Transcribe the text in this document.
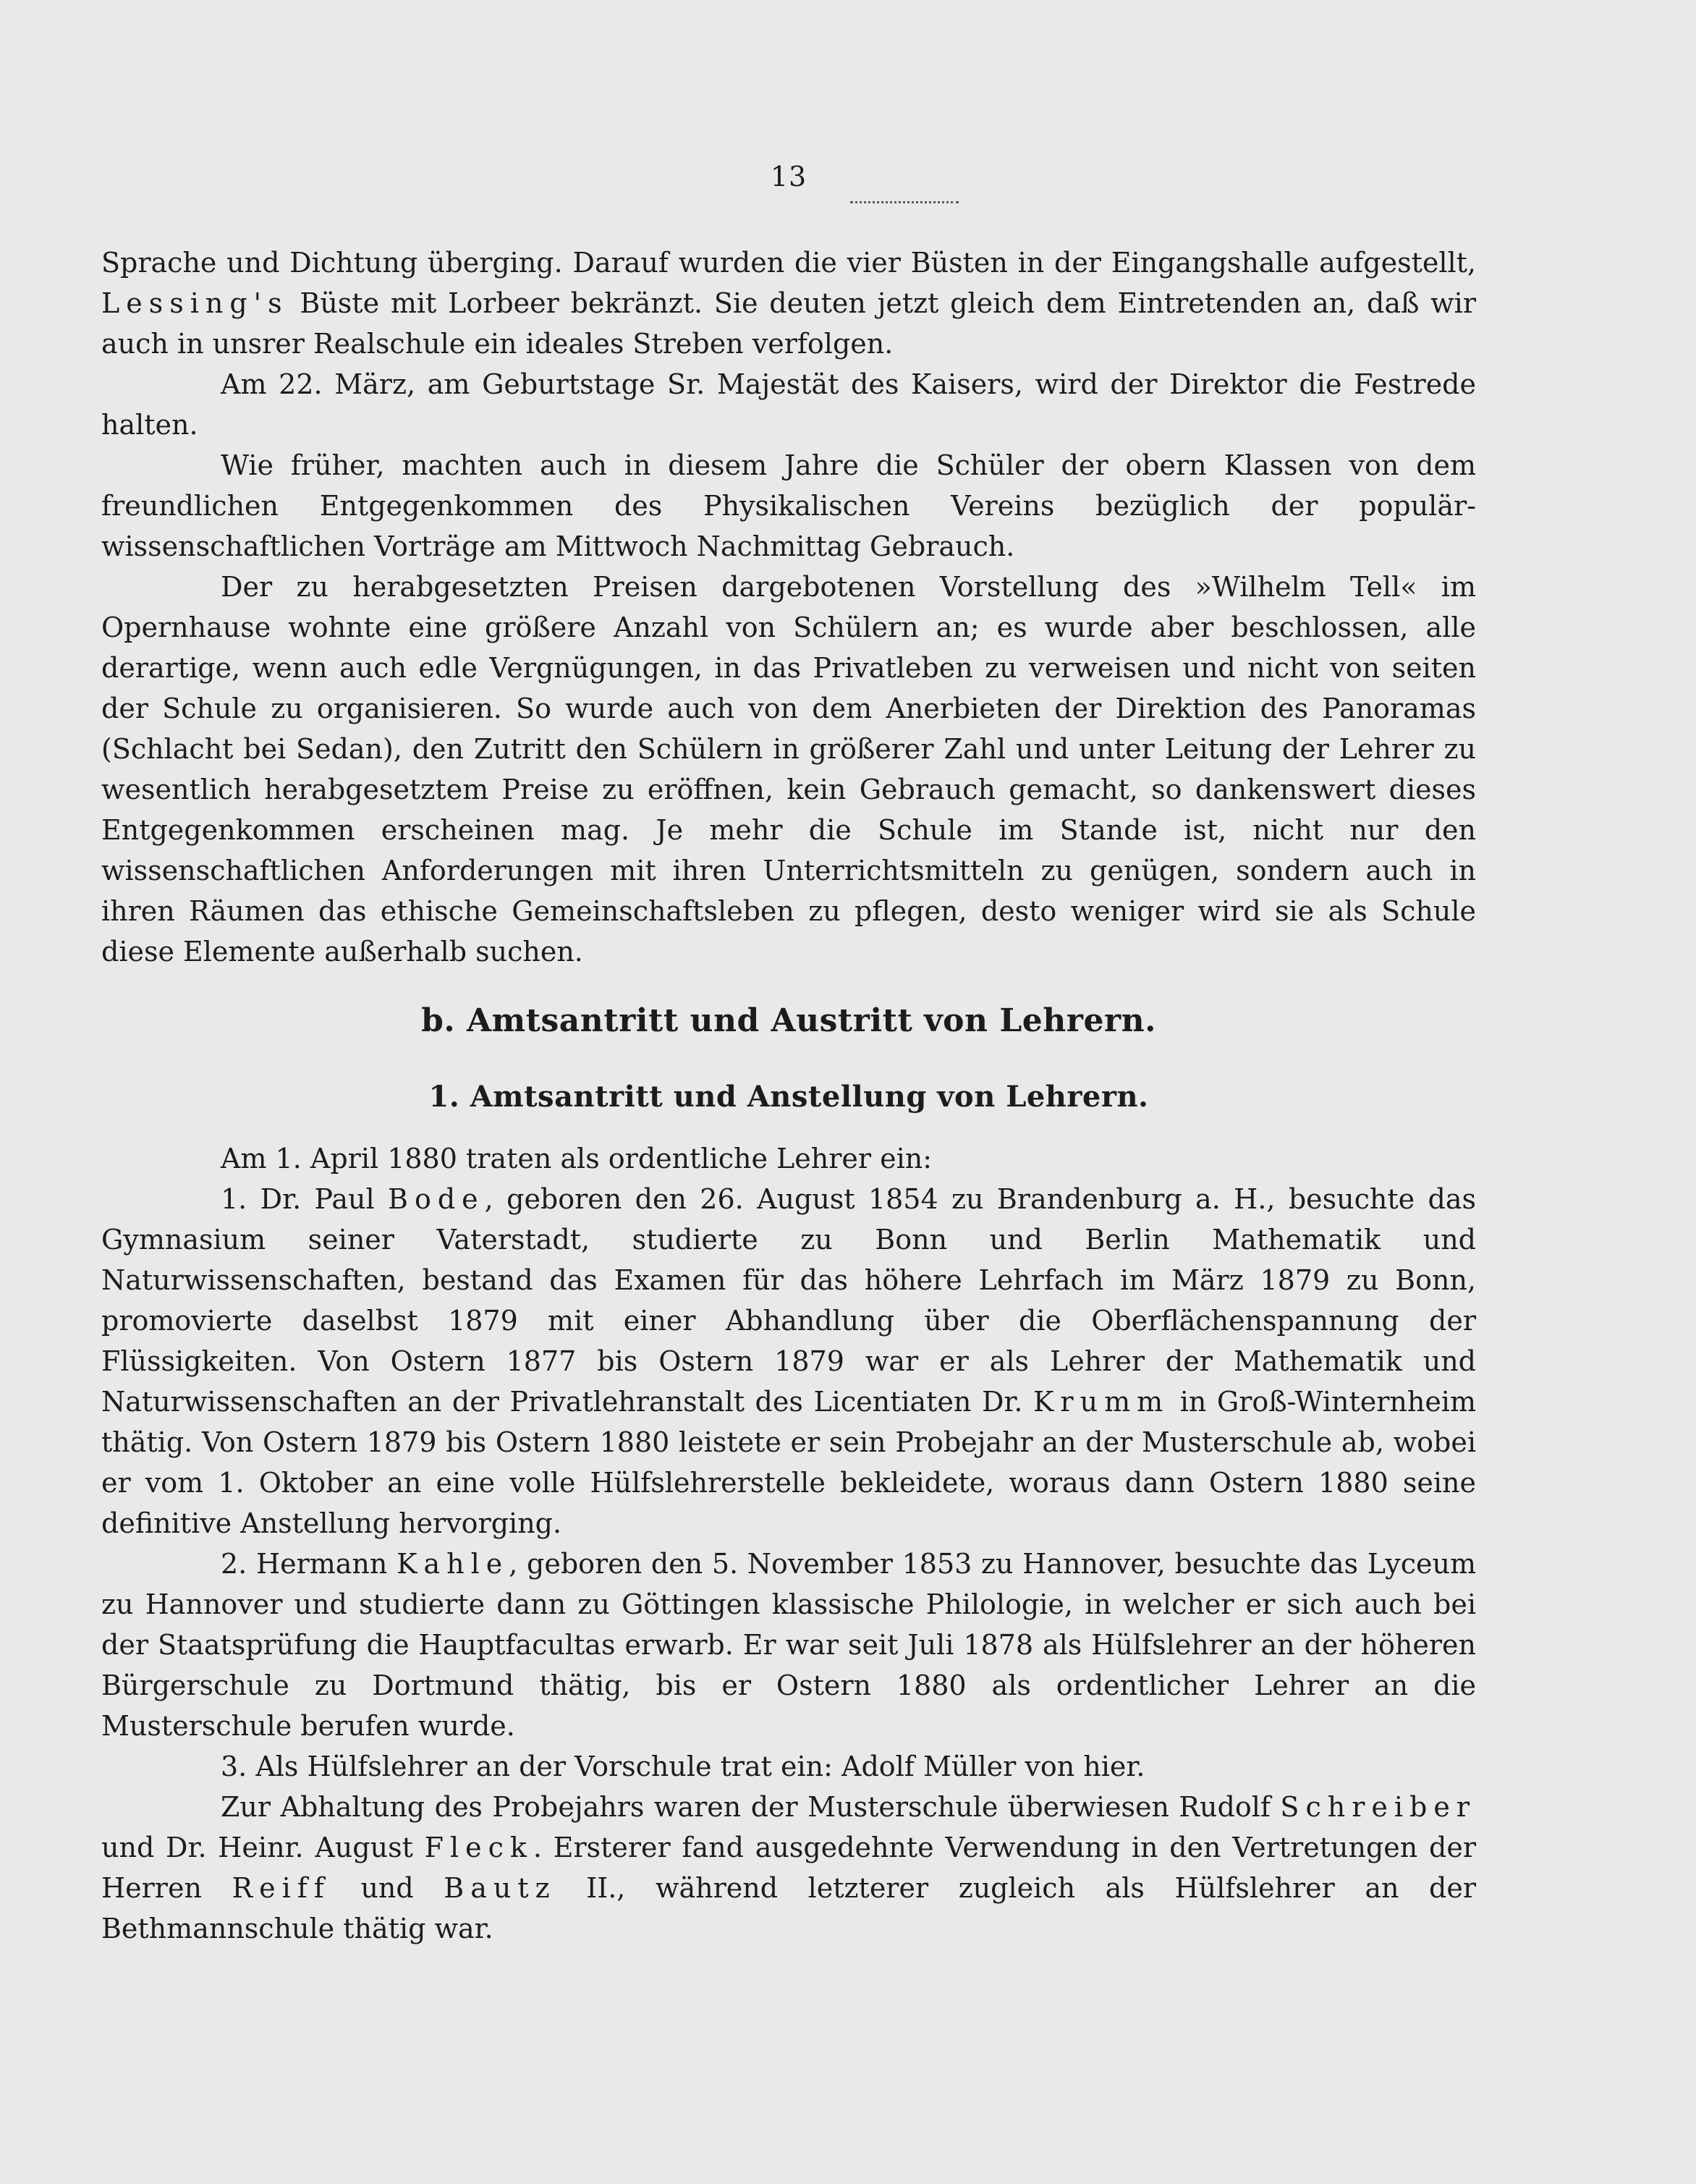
13

Sprache und Dichtung überging. Darauf wurden die vier Büsten in der Eingangshalle aufgestellt, Lessing's Büste mit Lorbeer bekränzt. Sie deuten jetzt gleich dem Eintretenden an, daß wir auch in unsrer Realschule ein ideales Streben verfolgen.

Am 22. März, am Geburtstage Sr. Majestät des Kaisers, wird der Direktor die Festrede halten.

Wie früher, machten auch in diesem Jahre die Schüler der obern Klassen von dem freundlichen Entgegenkommen des Physikalischen Vereins bezüglich der populär-wissenschaftlichen Vorträge am Mittwoch Nachmittag Gebrauch.

Der zu herabgesetzten Preisen dargebotenen Vorstellung des »Wilhelm Tell« im Opernhause wohnte eine größere Anzahl von Schülern an; es wurde aber beschlossen, alle derartige, wenn auch edle Vergnügungen, in das Privatleben zu verweisen und nicht von seiten der Schule zu organisieren. So wurde auch von dem Anerbieten der Direktion des Panoramas (Schlacht bei Sedan), den Zutritt den Schülern in größerer Zahl und unter Leitung der Lehrer zu wesentlich herabgesetztem Preise zu eröffnen, kein Gebrauch gemacht, so dankenswert dieses Entgegenkommen erscheinen mag. Je mehr die Schule im Stande ist, nicht nur den wissenschaftlichen Anforderungen mit ihren Unterrichtsmitteln zu genügen, sondern auch in ihren Räumen das ethische Gemeinschaftsleben zu pflegen, desto weniger wird sie als Schule diese Elemente außerhalb suchen.

b. Amtsantritt und Austritt von Lehrern.
1. Amtsantritt und Anstellung von Lehrern.

Am 1. April 1880 traten als ordentliche Lehrer ein:

1. Dr. Paul Bode, geboren den 26. August 1854 zu Brandenburg a. H., besuchte das Gymnasium seiner Vaterstadt, studierte zu Bonn und Berlin Mathematik und Naturwissenschaften, bestand das Examen für das höhere Lehrfach im März 1879 zu Bonn, promovierte daselbst 1879 mit einer Abhandlung über die Oberflächenspannung der Flüssigkeiten. Von Ostern 1877 bis Ostern 1879 war er als Lehrer der Mathematik und Naturwissenschaften an der Privatlehranstalt des Licentiaten Dr. Krumm in Groß-Winternheim thätig. Von Ostern 1879 bis Ostern 1880 leistete er sein Probejahr an der Musterschule ab, wobei er vom 1. Oktober an eine volle Hülfslehrerstelle bekleidete, woraus dann Ostern 1880 seine definitive Anstellung hervorging.

2. Hermann Kahle, geboren den 5. November 1853 zu Hannover, besuchte das Lyceum zu Hannover und studierte dann zu Göttingen klassische Philologie, in welcher er sich auch bei der Staatsprüfung die Hauptfacultas erwarb. Er war seit Juli 1878 als Hülfslehrer an der höheren Bürgerschule zu Dortmund thätig, bis er Ostern 1880 als ordentlicher Lehrer an die Musterschule berufen wurde.

3. Als Hülfslehrer an der Vorschule trat ein: Adolf Müller von hier.

Zur Abhaltung des Probejahrs waren der Musterschule überwiesen Rudolf Schreiber und Dr. Heinr. August Fleck. Ersterer fand ausgedehnte Verwendung in den Vertretungen der Herren Reiff und Bautz II., während letzterer zugleich als Hülfslehrer an der Bethmannschule thätig war.
